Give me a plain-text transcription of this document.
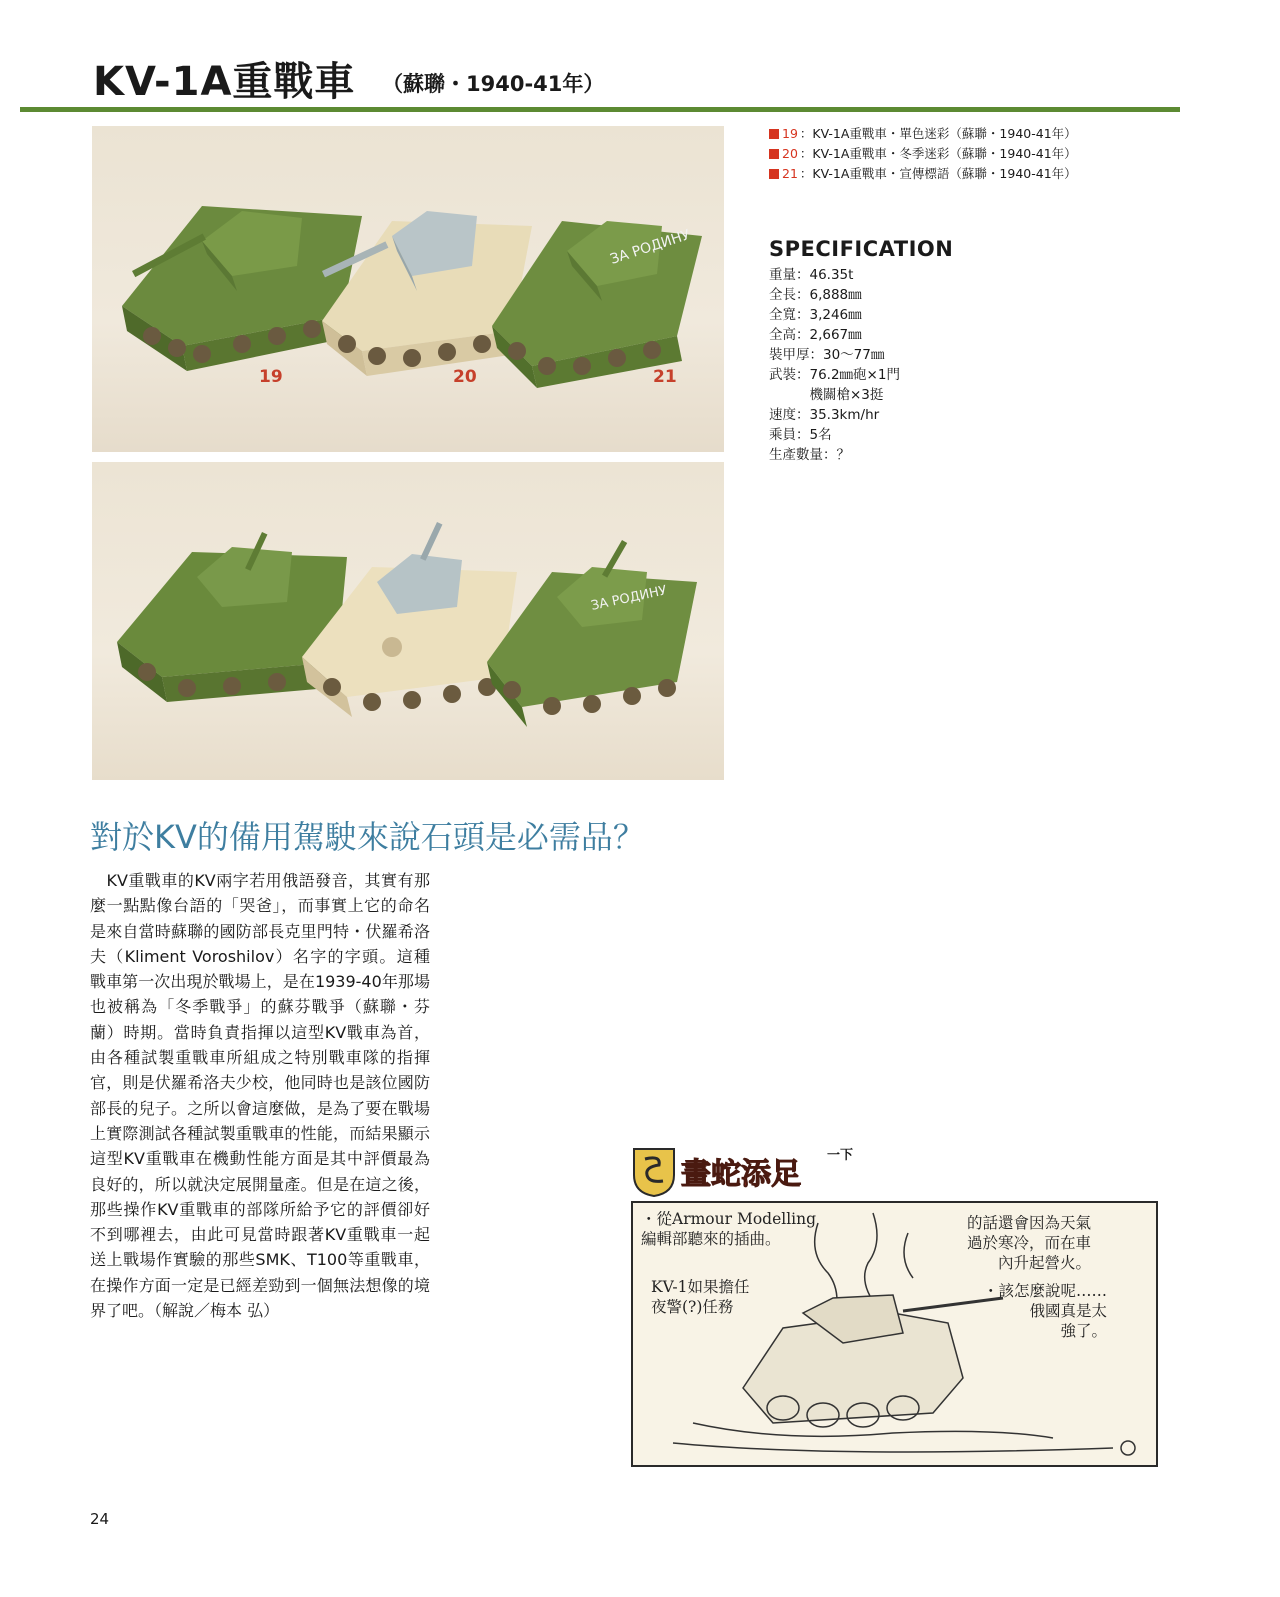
KV-1A重戰車 （蘇聯・1940-41年）
ЗА РОДИНУ
19	20	21
ЗА РОДИНУ
19 ：KV-1A重戰車・單色迷彩（蘇聯・1940-41年）
20 ：KV-1A重戰車・冬季迷彩（蘇聯・1940-41年）
21 ：KV-1A重戰車・宣傳標語（蘇聯・1940-41年）
SPECIFICATION
重量：46.35t
全長：6,888㎜
全寬：3,246㎜
全高：2,667㎜
裝甲厚：30〜77㎜
武裝：76.2㎜砲×1門
　　　機關槍×3挺
速度：35.3km/hr
乘員：5名
生產數量：？
對於KV的備用駕駛來說石頭是必需品？

　KV重戰車的KV兩字若用俄語發音，其實有那麼一點點像台語的「哭爸」，而事實上它的命名是來自當時蘇聯的國防部長克里門特・伏羅希洛夫（Kliment Voroshilov）名字的字頭。這種戰車第一次出現於戰場上，是在1939-40年那場也被稱為「冬季戰爭」的蘇芬戰爭（蘇聯・芬蘭）時期。當時負責指揮以這型KV戰車為首，由各種試製重戰車所組成之特別戰車隊的指揮官，則是伏羅希洛夫少校，他同時也是該位國防部長的兒子。之所以會這麼做，是為了要在戰場上實際測試各種試製重戰車的性能，而結果顯示這型KV重戰車在機動性能方面是其中評價最為良好的，所以就決定展開量產。但是在這之後，那些操作KV重戰車的部隊所給予它的評價卻好不到哪裡去，由此可見當時跟著KV重戰車一起送上戰場作實驗的那些SMK、T100等重戰車，在操作方面一定是已經差勁到一個無法想像的境界了吧。（解說／梅本 弘）

畫蛇添足
一下
・從Armour Modelling
編輯部聽來的插曲。
KV-1如果擔任
夜警(?)任務
的話還會因為天氣
過於寒冷，而在車
內升起營火。
・該怎麼說呢……
俄國真是太
強了。
24
